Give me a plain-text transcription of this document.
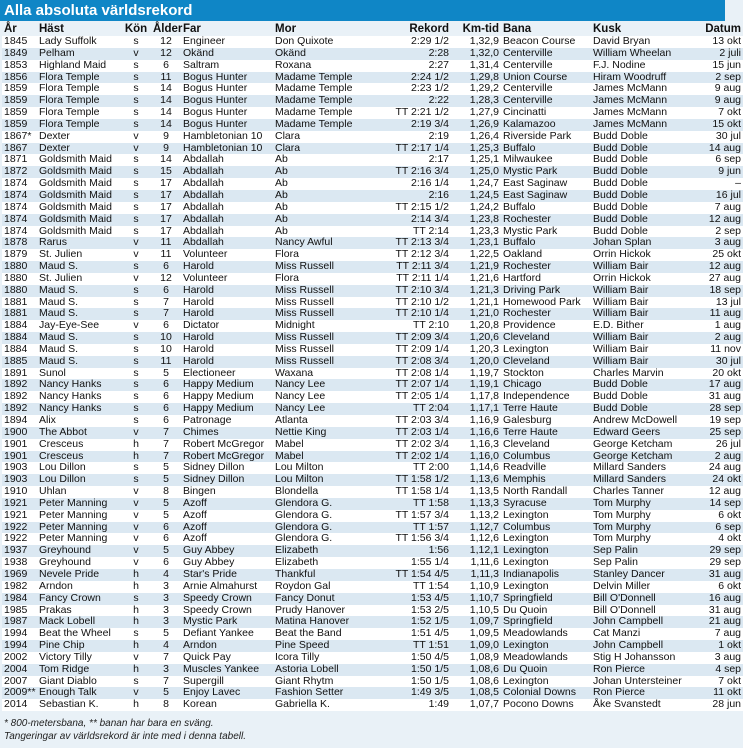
Alla absoluta världsrekord
År	Häst	Kön	Ålder	Far	Mor	Rekord	Km-tid	Bana	Kusk	Datum
1845	Lady Suffolk	s	12	Engineer	Don Quixote	2:29 1/2	1,32,9	Beacon Course	David Bryan	13 okt
1849	Pelham	v	12	Okänd	Okänd	2:28	1,32,0	Centerville	William Wheelan	2 juli
1853	Highland Maid	s	6	Saltram	Roxana	2:27	1,31,4	Centerville	F.J. Nodine	15 jun
1856	Flora Temple	s	11	Bogus Hunter	Madame Temple	2:24 1/2	1,29,8	Union Course	Hiram Woodruff	2 sep
1859	Flora Temple	s	14	Bogus Hunter	Madame Temple	2:23 1/2	1,29,2	Centerville	James McMann	9 aug
1859	Flora Temple	s	14	Bogus Hunter	Madame Temple	2:22	1,28,3	Centerville	James McMann	9 aug
1859	Flora Temple	s	14	Bogus Hunter	Madame Temple	TT 2:21 1/2	1,27,9	Cincinatti	James McMann	7 okt
1859	Flora Temple	s	14	Bogus Hunter	Madame Temple	2:19 3/4	1,26,9	Kalamazoo	James McMann	15 okt
1867*	Dexter	v	9	Hambletonian 10	Clara	2:19	1,26,4	Riverside Park	Budd Doble	30 jul
1867	Dexter	v	9	Hambletonian 10	Clara	TT 2:17 1/4	1,25,3	Buffalo	Budd Doble	14 aug
1871	Goldsmith Maid	s	14	Abdallah	Ab	2:17	1,25,1	Milwaukee	Budd Doble	6 sep
1872	Goldsmith Maid	s	15	Abdallah	Ab	TT 2:16 3/4	1,25,0	Mystic Park	Budd Doble	9 jun
1874	Goldsmith Maid	s	17	Abdallah	Ab	2:16 1/4	1,24,7	East Saginaw	Budd Doble	–
1874	Goldsmith Maid	s	17	Abdallah	Ab	2:16	1,24,5	East Saginaw	Budd Doble	16 jul
1874	Goldsmith Maid	s	17	Abdallah	Ab	TT 2:15 1/2	1,24,2	Buffalo	Budd Doble	7 aug
1874	Goldsmith Maid	s	17	Abdallah	Ab	2:14 3/4	1,23,8	Rochester	Budd Doble	12 aug
1874	Goldsmith Maid	s	17	Abdallah	Ab	TT 2:14	1,23,3	Mystic Park	Budd Doble	2 sep
1878	Rarus	v	11	Abdallah	Nancy Awful	TT 2:13 3/4	1,23,1	Buffalo	Johan Splan	3 aug
1879	St. Julien	v	11	Volunteer	Flora	TT 2:12 3/4	1,22,5	Oakland	Orrin Hickok	25 okt
1880	Maud S.	s	6	Harold	Miss Russell	TT 2:11 3/4	1,21,9	Rochester	William Bair	12 aug
1880	St. Julien	v	12	Volunteer	Flora	TT 2:11 1/4	1,21,6	Hartford	Orrin Hickok	27 aug
1880	Maud S.	s	6	Harold	Miss Russell	TT 2:10 3/4	1,21,3	Driving Park	William Bair	18 sep
1881	Maud S.	s	7	Harold	Miss Russell	TT 2:10 1/2	1,21,1	Homewood Park	William Bair	13 jul
1881	Maud S.	s	7	Harold	Miss Russell	TT 2:10 1/4	1,21,0	Rochester	William Bair	11 aug
1884	Jay-Eye-See	v	6	Dictator	Midnight	TT 2:10	1,20,8	Providence	E.D. Bither	1 aug
1884	Maud S.	s	10	Harold	Miss Russell	TT 2:09 3/4	1,20,6	Cleveland	William Bair	2 aug
1884	Maud S.	s	10	Harold	Miss Russell	TT 2:09 1/4	1,20,3	Lexington	William Bair	11 nov
1885	Maud S.	s	11	Harold	Miss Russell	TT 2:08 3/4	1,20,0	Cleveland	William Bair	30 jul
1891	Sunol	s	5	Electioneer	Waxana	TT 2:08 1/4	1,19,7	Stockton	Charles Marvin	20 okt
1892	Nancy Hanks	s	6	Happy Medium	Nancy Lee	TT 2:07 1/4	1,19,1	Chicago	Budd Doble	17 aug
1892	Nancy Hanks	s	6	Happy Medium	Nancy Lee	TT 2:05 1/4	1,17,8	Independence	Budd Doble	31 aug
1892	Nancy Hanks	s	6	Happy Medium	Nancy Lee	TT 2:04	1,17,1	Terre Haute	Budd Doble	28 sep
1894	Alix	s	6	Patronage	Atlanta	TT 2:03 3/4	1,16,9	Galesburg	Andrew McDowell	19 sep
1900	The Abbot	v	7	Chimes	Nettie King	TT 2:03 1/4	1,16,6	Terre Haute	Edward Geers	25 sep
1901	Cresceus	h	7	Robert McGregor	Mabel	TT 2:02 3/4	1,16,3	Cleveland	George Ketcham	26 jul
1901	Cresceus	h	7	Robert McGregor	Mabel	TT 2:02 1/4	1,16,0	Columbus	George Ketcham	2 aug
1903	Lou Dillon	s	5	Sidney Dillon	Lou Milton	TT 2:00	1,14,6	Readville	Millard Sanders	24 aug
1903	Lou Dillon	s	5	Sidney Dillon	Lou Milton	TT 1:58 1/2	1,13,6	Memphis	Millard Sanders	24 okt
1910	Uhlan	v	8	Bingen	Blondella	TT 1:58 1/4	1,13,5	North Randall	Charles Tanner	12 aug
1921	Peter Manning	v	5	Azoff	Glendora G.	TT 1:58	1,13,3	Syracuse	Tom Murphy	14 sep
1921	Peter Manning	v	5	Azoff	Glendora G.	TT 1:57 3/4	1,13,2	Lexington	Tom Murphy	6 okt
1922	Peter Manning	v	6	Azoff	Glendora G.	TT 1:57	1,12,7	Columbus	Tom Murphy	6 sep
1922	Peter Manning	v	6	Azoff	Glendora G.	TT 1:56 3/4	1,12,6	Lexington	Tom Murphy	4 okt
1937	Greyhound	v	5	Guy Abbey	Elizabeth	1:56	1,12,1	Lexington	Sep Palin	29 sep
1938	Greyhound	v	6	Guy Abbey	Elizabeth	1:55 1/4	1,11,6	Lexington	Sep Palin	29 sep
1969	Nevele Pride	h	4	Star's Pride	Thankful	TT 1:54 4/5	1,11,3	Indianapolis	Stanley Dancer	31 aug
1982	Arndon	h	3	Arnie Almahurst	Roydon Gal	TT 1:54	1,10,9	Lexington	Delvin Miller	6 okt
1984	Fancy Crown	s	3	Speedy Crown	Fancy Donut	1:53 4/5	1,10,7	Springfield	Bill O'Donnell	16 aug
1985	Prakas	h	3	Speedy Crown	Prudy Hanover	1:53 2/5	1,10,5	Du Quoin	Bill O'Donnell	31 aug
1987	Mack Lobell	h	3	Mystic Park	Matina Hanover	1:52 1/5	1,09,7	Springfield	John Campbell	21 aug
1994	Beat the Wheel	s	5	Defiant Yankee	Beat the Band	1:51 4/5	1,09,5	Meadowlands	Cat Manzi	7 aug
1994	Pine Chip	h	4	Arndon	Pine Speed	TT 1:51	1,09,0	Lexington	John Campbell	1 okt
2002	Victory Tilly	v	7	Quick Pay	Icora Tilly	1:50 4/5	1,08,9	Meadowlands	Stig H Johansson	3 aug
2004	Tom Ridge	h	3	Muscles Yankee	Astoria Lobell	1:50 1/5	1,08,6	Du Quoin	Ron Pierce	4 sep
2007	Giant Diablo	s	7	Supergill	Giant Rhytm	1:50 1/5	1,08,6	Lexington	Johan Untersteiner	7 okt
2009**	Enough Talk	v	5	Enjoy Lavec	Fashion Setter	1:49 3/5	1,08,5	Colonial Downs	Ron Pierce	11 okt
2014	Sebastian K.	h	8	Korean	Gabriella K.	1:49	1,07,7	Pocono Downs	Åke Svanstedt	28 jun
* 800-metersbana, ** banan har bara en sväng.
Tangeringar av världsrekord är inte med i denna tabell.
